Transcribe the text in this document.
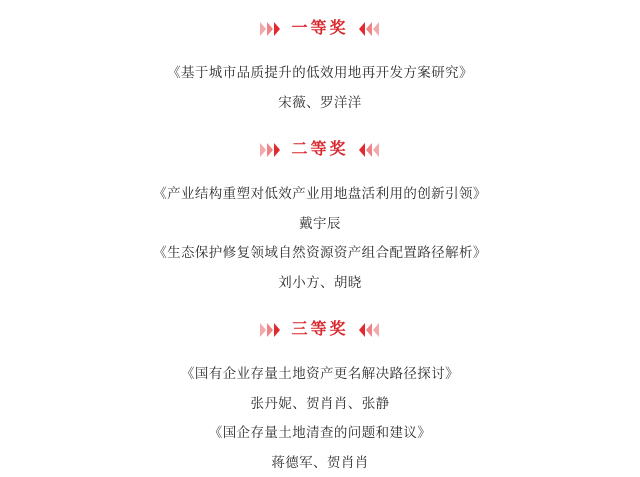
一等奖
《基于城市品质提升的低效用地再开发方案研究》
宋薇、罗洋洋
二等奖
《产业结构重塑对低效产业用地盘活利用的创新引领》
戴宇辰
《生态保护修复领域自然资源资产组合配置路径解析》
刘小方、胡晓
三等奖
《国有企业存量土地资产更名解决路径探讨》
张丹妮、贺肖肖、张静
《国企存量土地清查的问题和建议》
蒋德军、贺肖肖
